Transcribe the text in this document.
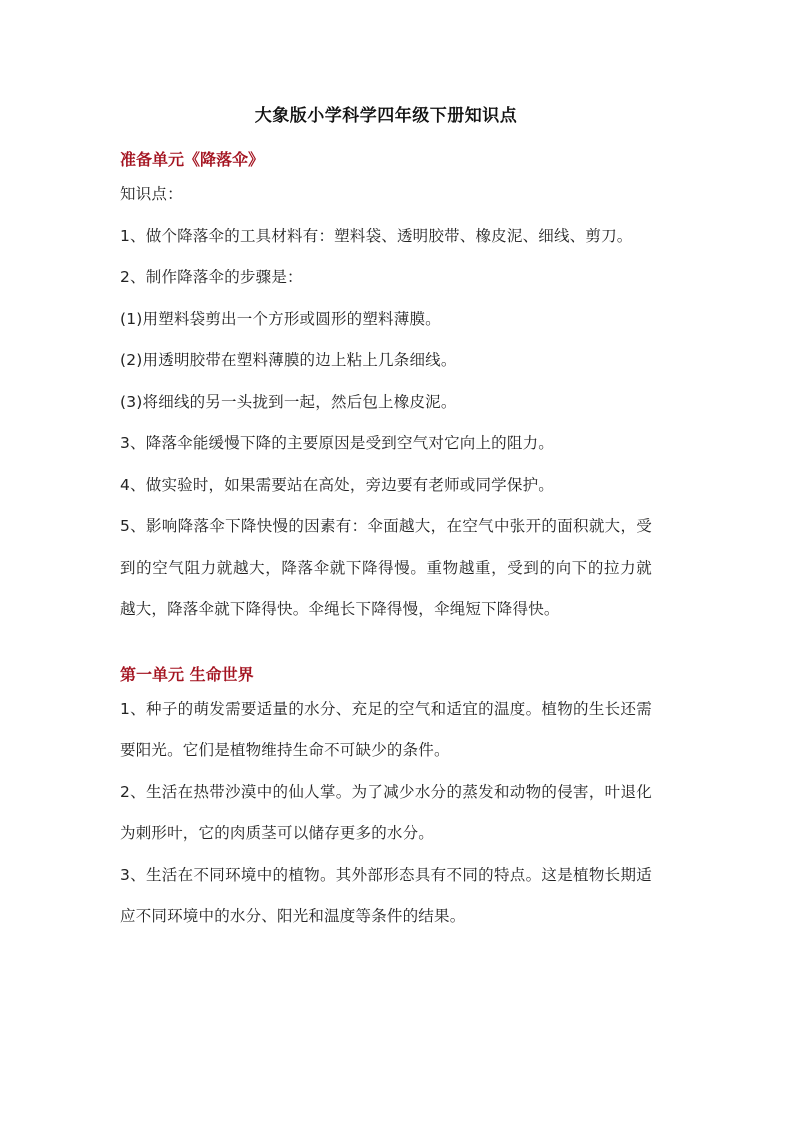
大象版小学科学四年级下册知识点
准备单元《降落伞》

知识点：

1、做个降落伞的工具材料有：塑料袋、透明胶带、橡皮泥、细线、剪刀。

2、制作降落伞的步骤是：

(1)用塑料袋剪出一个方形或圆形的塑料薄膜。

(2)用透明胶带在塑料薄膜的边上粘上几条细线。

(3)将细线的另一头拢到一起，然后包上橡皮泥。

3、降落伞能缓慢下降的主要原因是受到空气对它向上的阻力。

4、做实验时，如果需要站在高处，旁边要有老师或同学保护。

5、影响降落伞下降快慢的因素有：伞面越大，在空气中张开的面积就大，受到的空气阻力就越大，降落伞就下降得慢。重物越重，受到的向下的拉力就越大，降落伞就下降得快。伞绳长下降得慢，伞绳短下降得快。

第一单元 生命世界

1、种子的萌发需要适量的水分、充足的空气和适宜的温度。植物的生长还需要阳光。它们是植物维持生命不可缺少的条件。

2、生活在热带沙漠中的仙人掌。为了减少水分的蒸发和动物的侵害，叶退化为刺形叶，它的肉质茎可以储存更多的水分。

3、生活在不同环境中的植物。其外部形态具有不同的特点。这是植物长期适应不同环境中的水分、阳光和温度等条件的结果。
